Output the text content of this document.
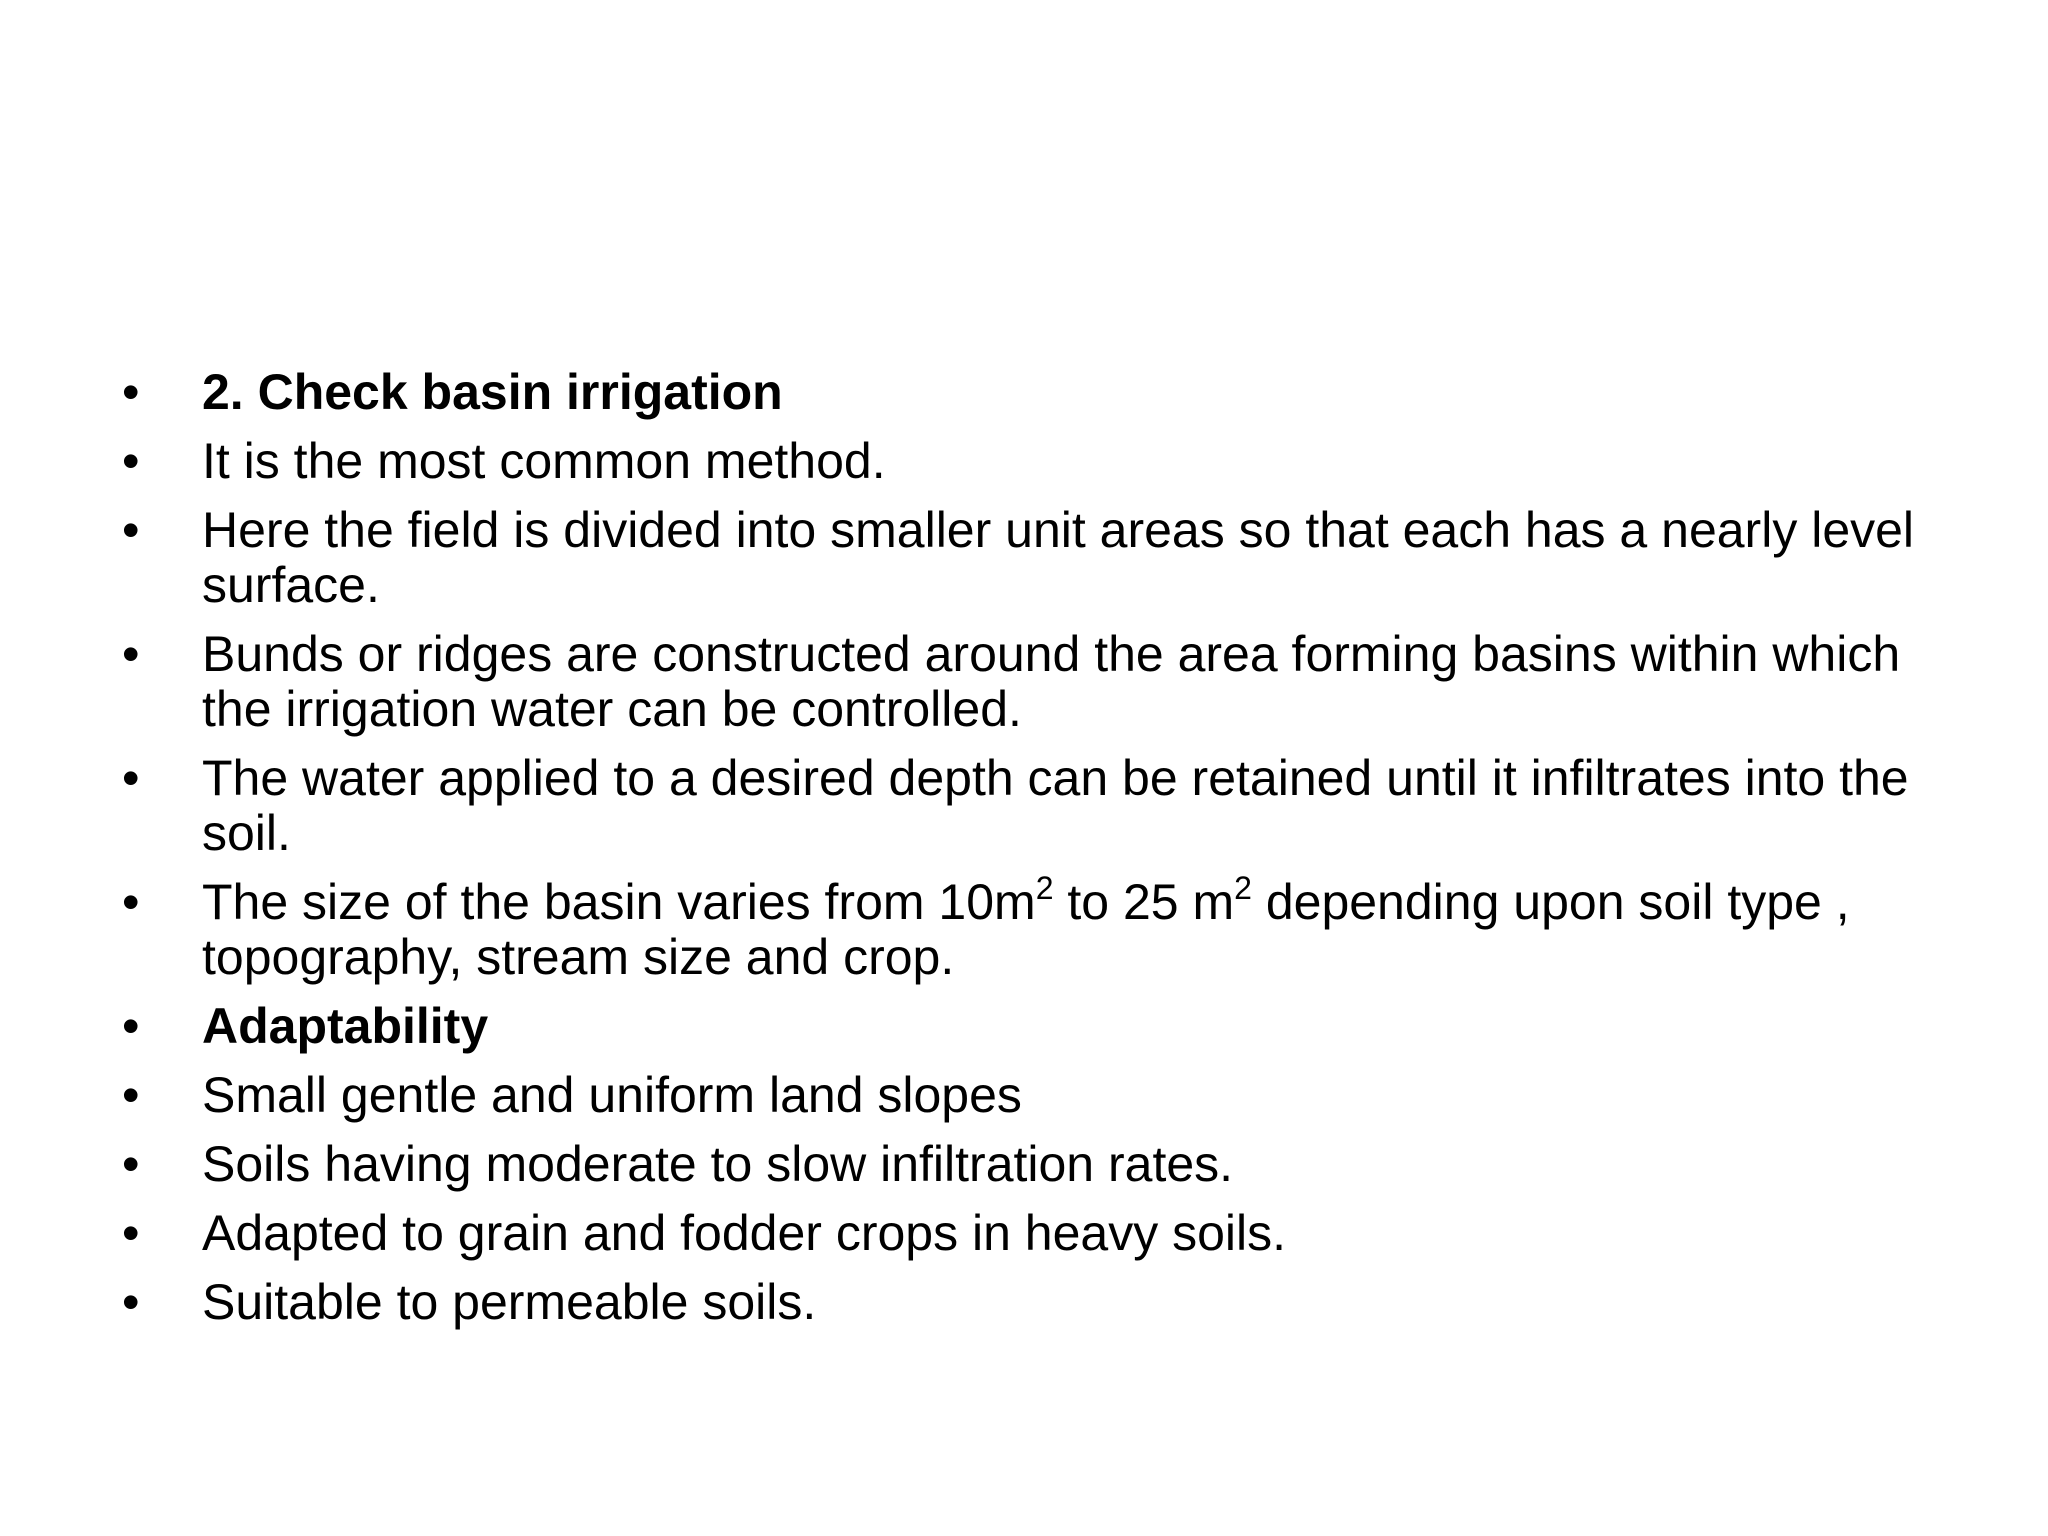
• 2. Check basin irrigation
• It is the most common method.
• Here the field is divided into smaller unit areas so that each has a nearly level surface.
• Bunds or ridges are constructed around the area forming basins within which the irrigation water can be controlled.
• The water applied to a desired depth can be retained until it infiltrates into the soil.
• The size of the basin varies from $10m^2$ to 25 $m^2$ depending upon soil type , topography, stream size and crop.
• Adaptability
• Small gentle and uniform land slopes
• Soils having moderate to slow infiltration rates.
• Adapted to grain and fodder crops in heavy soils.
• Suitable to permeable soils.
